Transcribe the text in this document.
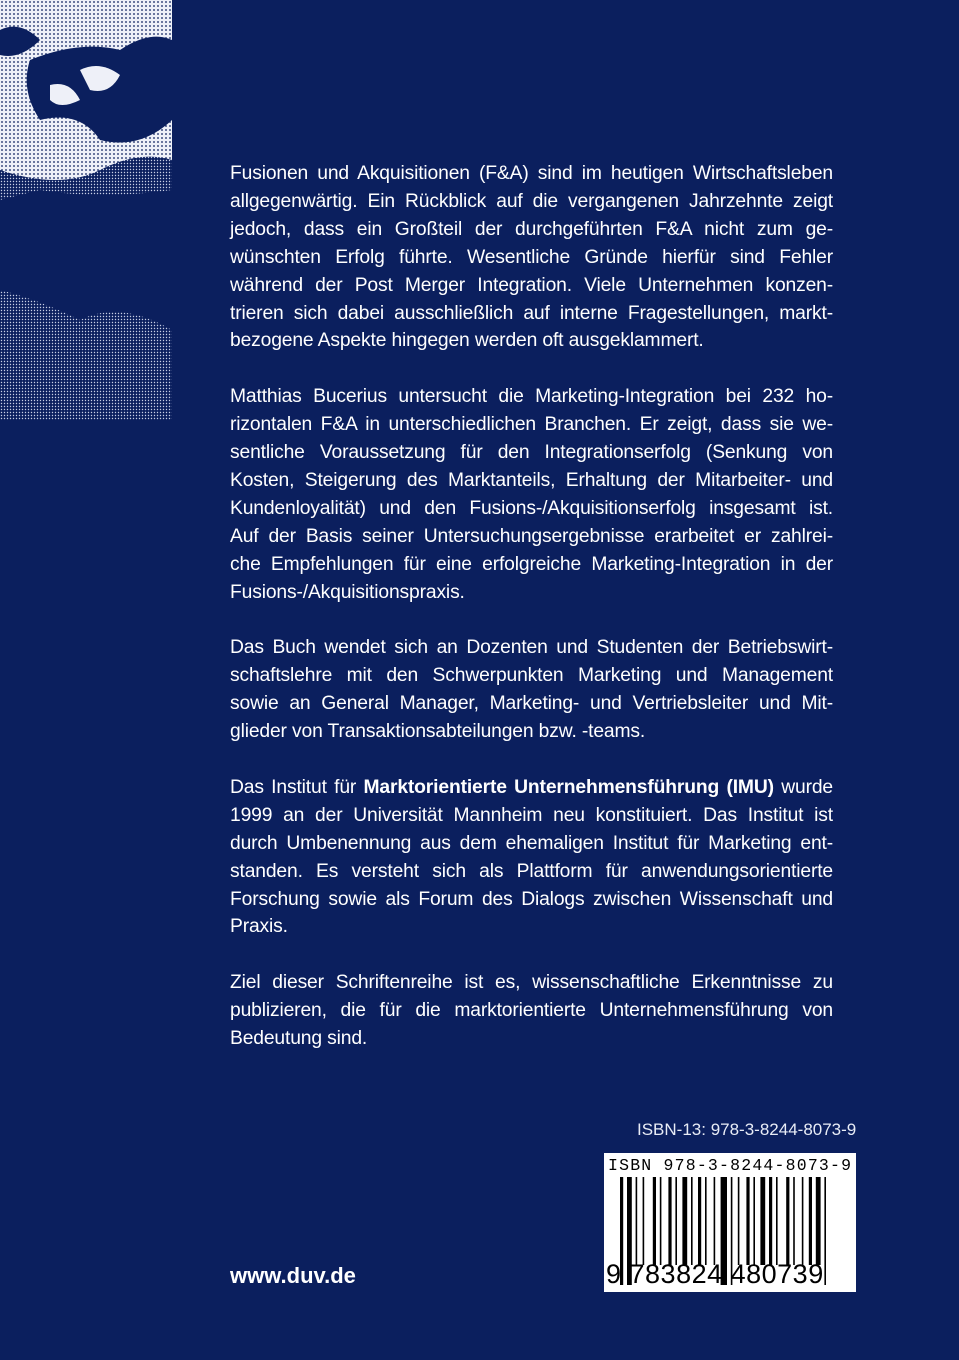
Fusionen und Akquisitionen (F&A) sind im heutigen Wirtschaftsleben
allgegenwärtig. Ein Rückblick auf die vergangenen Jahrzehnte zeigt
jedoch, dass ein Großteil der durchgeführten F&A nicht zum ge-
wünschten Erfolg führte. Wesentliche Gründe hierfür sind Fehler
während der Post Merger Integration. Viele Unternehmen konzen-
trieren sich dabei ausschließlich auf interne Fragestellungen, markt-
bezogene Aspekte hingegen werden oft ausgeklammert.
Matthias Bucerius untersucht die Marketing-Integration bei 232 ho-
rizontalen F&A in unterschiedlichen Branchen. Er zeigt, dass sie we-
sentliche Voraussetzung für den Integrationserfolg (Senkung von
Kosten, Steigerung des Marktanteils, Erhaltung der Mitarbeiter- und
Kundenloyalität) und den Fusions-/Akquisitionserfolg insgesamt ist.
Auf der Basis seiner Untersuchungsergebnisse erarbeitet er zahlrei-
che Empfehlungen für eine erfolgreiche Marketing-Integration in der
Fusions-/Akquisitionspraxis.
Das Buch wendet sich an Dozenten und Studenten der Betriebswirt-
schaftslehre mit den Schwerpunkten Marketing und Management
sowie an General Manager, Marketing- und Vertriebsleiter und Mit-
glieder von Transaktionsabteilungen bzw. -teams.
Das Institut für Marktorientierte Unternehmensführung (IMU) wurde
1999 an der Universität Mannheim neu konstituiert. Das Institut ist
durch Umbenennung aus dem ehemaligen Institut für Marketing ent-
standen. Es versteht sich als Plattform für anwendungsorientierte
Forschung sowie als Forum des Dialogs zwischen Wissenschaft und
Praxis.
Ziel dieser Schriftenreihe ist es, wissenschaftliche Erkenntnisse zu
publizieren, die für die marktorientierte Unternehmensführung von
Bedeutung sind.
ISBN-13: 978-3-8244-8073-9
ISBN 978-3-8244-8073-9
9 783824 480739
www.duv.de
